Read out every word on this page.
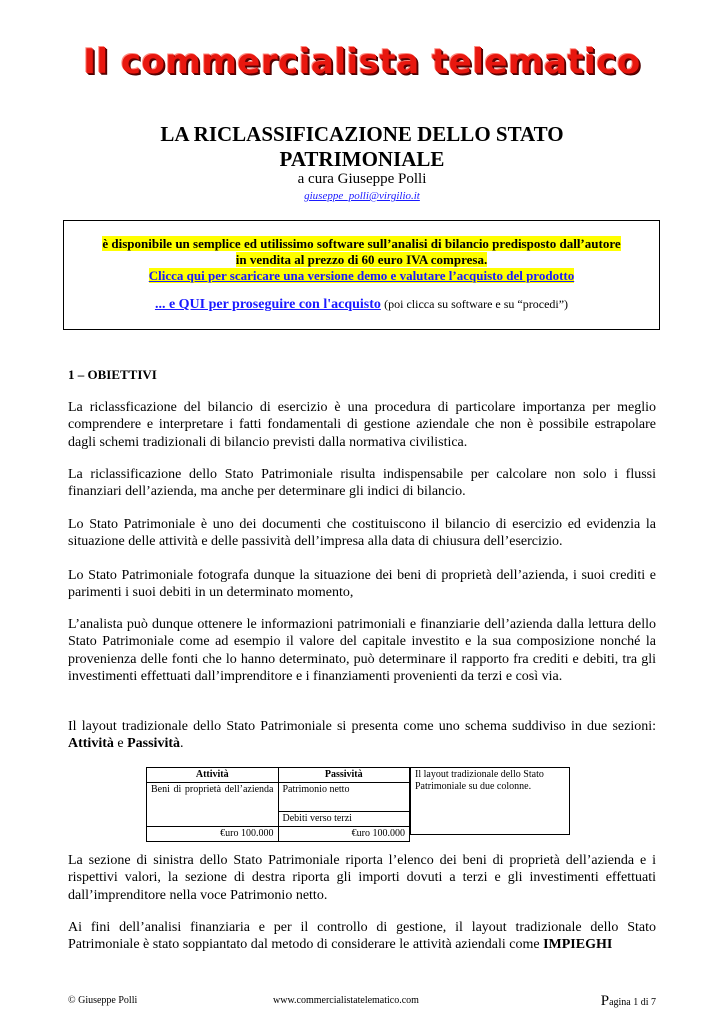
Il commercialista telematico
LA RICLASSIFICAZIONE DELLO STATO
PATRIMONIALE
a cura Giuseppe Polli
giuseppe_polli@virgilio.it
è disponibile un semplice ed utilissimo software sull’analisi di bilancio predisposto dall’autore
in vendita al prezzo di 60 euro IVA compresa.
Clicca qui per scaricare una versione demo e valutare l’acquisto del prodotto
... e QUI per proseguire con l'acquisto (poi clicca su software e su “procedi”)
1 – OBIETTIVI

La riclassficazione del bilancio di esercizio è una procedura di particolare importanza per meglio comprendere e interpretare i fatti fondamentali di gestione aziendale che non è possibile estrapolare dagli schemi tradizionali di bilancio previsti dalla normativa civilistica.

La riclassificazione dello Stato Patrimoniale risulta indispensabile per calcolare non solo i flussi finanziari dell’azienda, ma anche per determinare gli indici di bilancio.

Lo Stato Patrimoniale è uno dei documenti che costituiscono il bilancio di esercizio ed evidenzia la situazione delle attività e delle passività dell’impresa alla data di chiusura dell’esercizio.

Lo Stato Patrimoniale fotografa dunque la situazione dei beni di proprietà dell’azienda, i suoi crediti e parimenti i suoi debiti in un determinato momento,

L’analista può dunque ottenere le informazioni patrimoniali e finanziarie dell’azienda dalla lettura dello Stato Patrimoniale come ad esempio il valore del capitale investito e la sua composizione nonché la provenienza delle fonti che lo hanno determinato, può determinare il rapporto fra crediti e debiti, tra gli investimenti effettuati dall’imprenditore e i finanziamenti provenienti da terzi e così via.

Il layout tradizionale dello Stato Patrimoniale si presenta come uno schema suddiviso in due sezioni: Attività e Passività.

Attività	Passività
Beni di proprietà dell’azienda	Patrimonio netto
	Debiti verso terzi
€uro 100.000	€uro 100.000
Il layout tradizionale dello Stato Patrimoniale su due colonne.

La sezione di sinistra dello Stato Patrimoniale riporta l’elenco dei beni di proprietà dell’azienda e i rispettivi valori, la sezione di destra riporta gli importi dovuti a terzi e gli investimenti effettuati dall’imprenditore nella voce Patrimonio netto.

Ai fini dell’analisi finanziaria e per il controllo di gestione, il layout tradizionale dello Stato Patrimoniale è stato soppiantato dal metodo di considerare le attività aziendali come IMPIEGHI

© Giuseppe Polli	www.commercialistatelematico.com	Pagina 1 di 7
